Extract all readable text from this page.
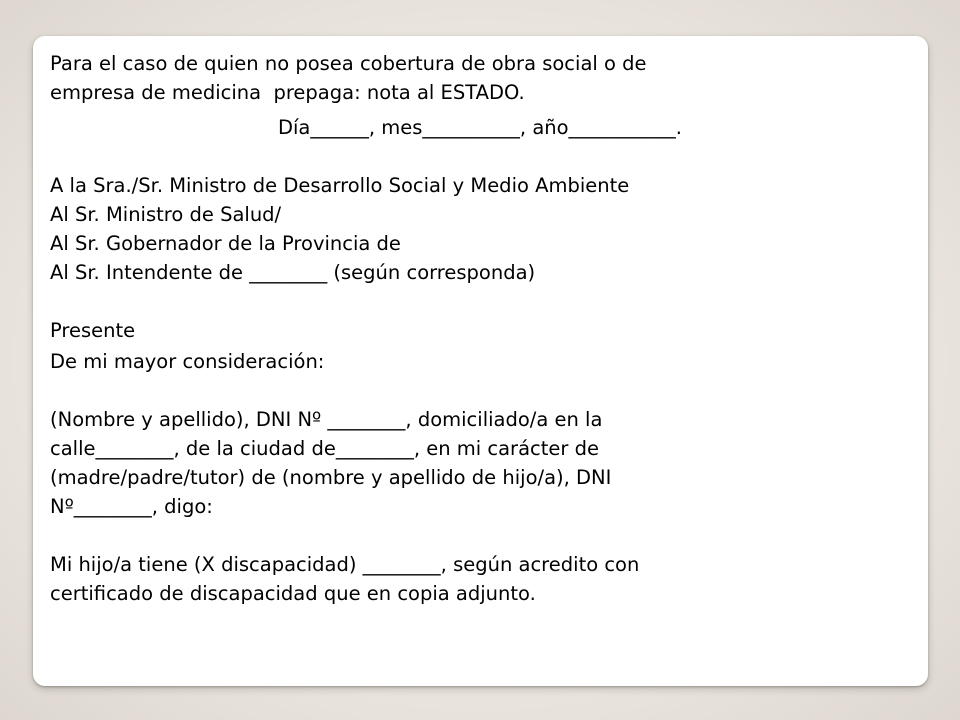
Para el caso de quien no posea cobertura de obra social o de
empresa de medicina  prepaga: nota al ESTADO.
Día______, mes__________, año___________.
A la Sra./Sr. Ministro de Desarrollo Social y Medio Ambiente
Al Sr. Ministro de Salud/
Al Sr. Gobernador de la Provincia de
Al Sr. Intendente de ________ (según corresponda)
Presente
De mi mayor consideración:
(Nombre y apellido), DNI Nº ________, domiciliado/a en la
calle________, de la ciudad de________, en mi carácter de
(madre/padre/tutor) de (nombre y apellido de hijo/a), DNI
Nº________, digo:
Mi hijo/a tiene (X discapacidad) ________, según acredito con
certificado de discapacidad que en copia adjunto.
